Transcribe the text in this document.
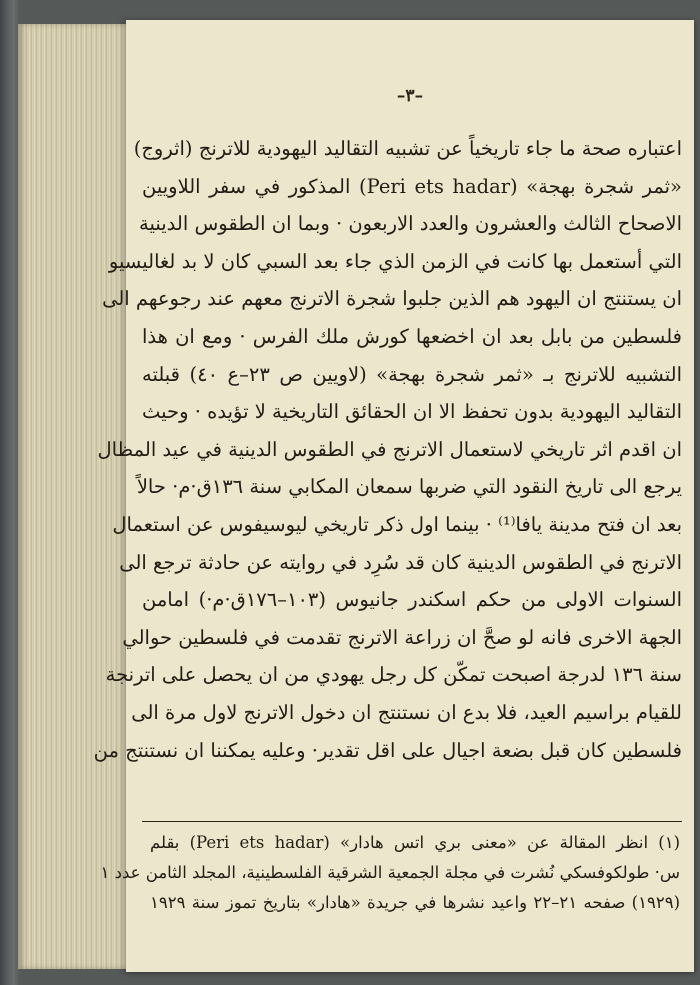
–٣–
اعتباره صحة ما جاء تاريخياً عن تشبيه التقاليد اليهودية للاترنج (اثروج)
«ثمر شجرة بهجة» (Peri ets hadar) المذكور في سفر اللاويين
الاصحاح الثالث والعشرون والعدد الاربعون · وبما ان الطقوس الدينية
التي أستعمل بها كانت في الزمن الذي جاء بعد السبي كان لا بد لغاليسيو
ان يستنتج ان اليهود هم الذين جلبوا شجرة الاترنج معهم عند رجوعهم الى
فلسطين من بابل بعد ان اخضعها كورش ملك الفرس · ومع ان هذا
التشبيه للاترنج بـ «ثمر شجرة بهجة» (لاويين ص ٢٣–ع ٤٠) قبلته
التقاليد اليهودية بدون تحفظ الا ان الحقائق التاريخية لا تؤيده · وحيث
ان اقدم اثر تاريخي لاستعمال الاترنج في الطقوس الدينية في عيد المظال
يرجع الى تاريخ النقود التي ضربها سمعان المكابي سنة ١٣٦ق·م· حالاً
بعد ان فتح مدينة يافا⁽¹⁾ · بينما اول ذكر تاريخي ليوسيفوس عن استعمال
الاترنج في الطقوس الدينية كان قد سُرِد في روايته عن حادثة ترجع الى
السنوات الاولى من حكم اسكندر جانيوس (١٠٣–١٧٦ق·م·) امامن
الجهة الاخرى فانه لو صحَّ ان زراعة الاترنج تقدمت في فلسطين حوالي
سنة ١٣٦ لدرجة اصبحت تمكّن كل رجل يهودي من ان يحصل على اترنجة
للقيام براسيم العيد، فلا بدع ان نستنتج ان دخول الاترنج لاول مرة الى
فلسطين كان قبل بضعة اجيال على اقل تقدير· وعليه يمكننا ان نستنتج من
(١) انظر المقالة عن «معنى بري اتس هادار» (Peri ets hadar) بقلم
س· طولكوفسكي نُشرت في مجلة الجمعية الشرقية الفلسطينية، المجلد الثامن عدد ١
(١٩٢٩) صفحه ٢١–٢٢ واعيد نشرها في جريدة «هادار» بتاريخ تموز سنة ١٩٢٩
